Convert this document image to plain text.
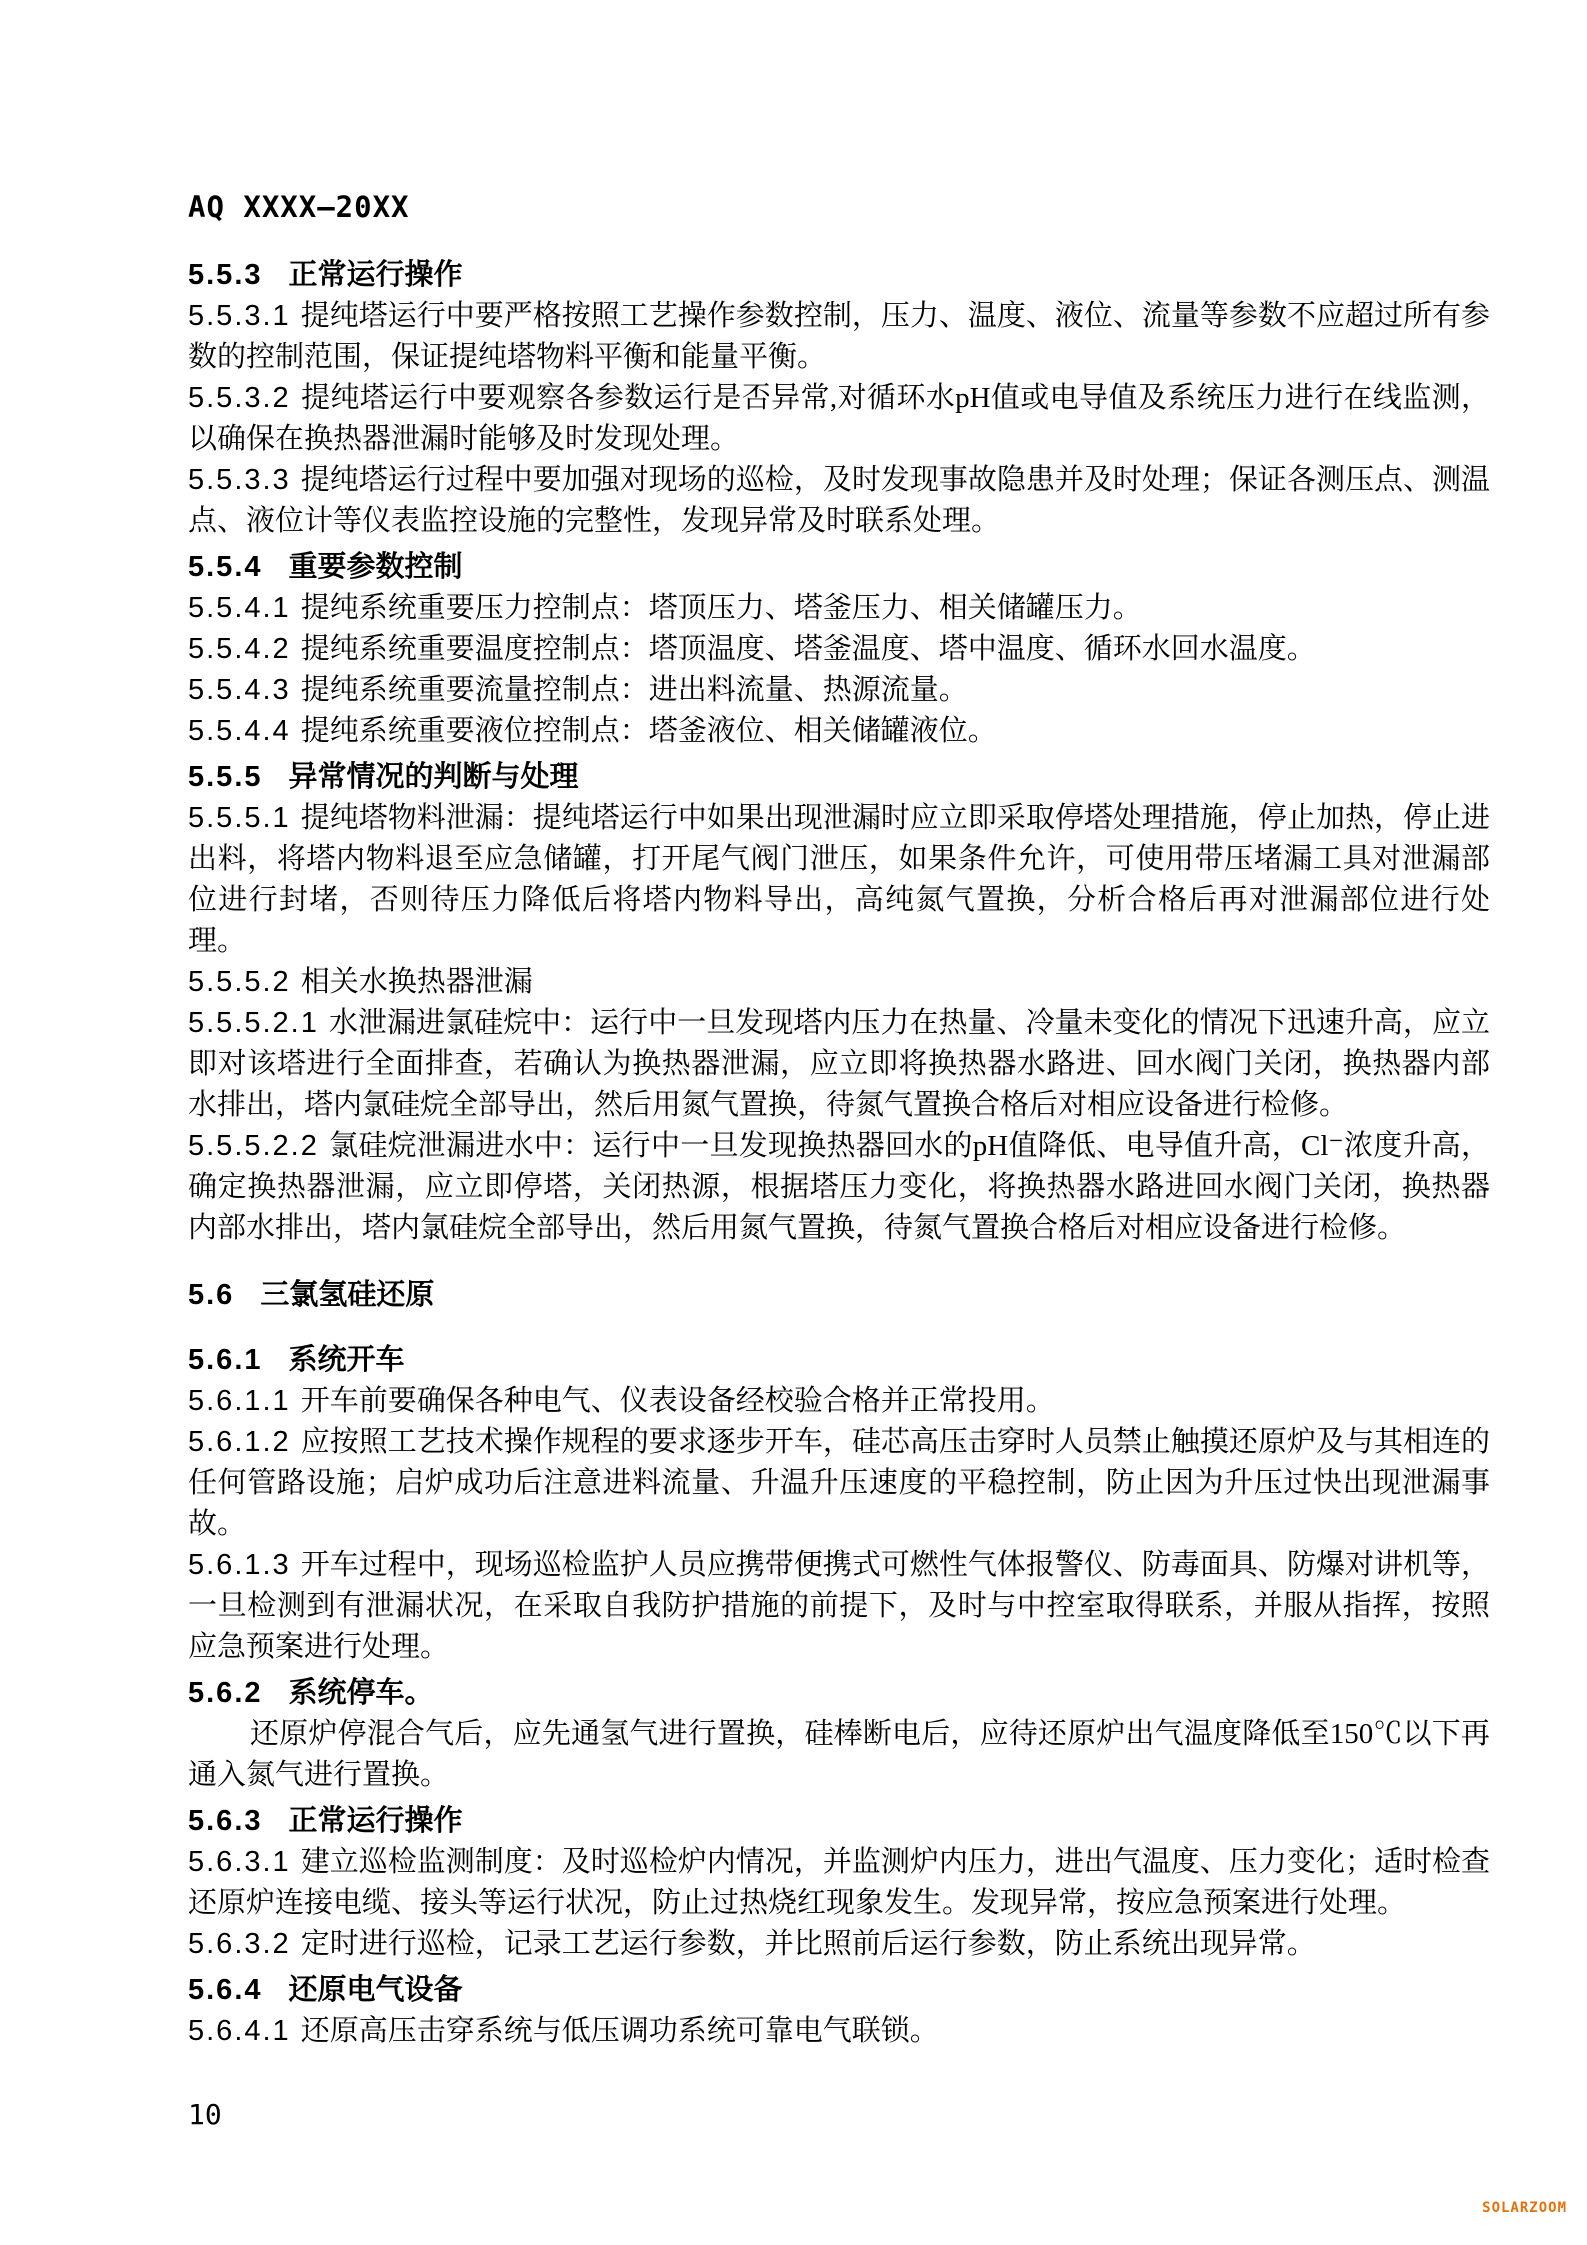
AQ XXXX—20XX
5.5.3 正常运行操作
5.5.3.1 提纯塔运行中要严格按照工艺操作参数控制，压力、温度、液位、流量等参数不应超过所有参数的控制范围，保证提纯塔物料平衡和能量平衡。
5.5.3.2 提纯塔运行中要观察各参数运行是否异常,对循环水pH值或电导值及系统压力进行在线监测，以确保在换热器泄漏时能够及时发现处理。
5.5.3.3 提纯塔运行过程中要加强对现场的巡检，及时发现事故隐患并及时处理；保证各测压点、测温点、液位计等仪表监控设施的完整性，发现异常及时联系处理。
5.5.4 重要参数控制
5.5.4.1 提纯系统重要压力控制点：塔顶压力、塔釜压力、相关储罐压力。
5.5.4.2 提纯系统重要温度控制点：塔顶温度、塔釜温度、塔中温度、循环水回水温度。
5.5.4.3 提纯系统重要流量控制点：进出料流量、热源流量。
5.5.4.4 提纯系统重要液位控制点：塔釜液位、相关储罐液位。
5.5.5 异常情况的判断与处理
5.5.5.1 提纯塔物料泄漏：提纯塔运行中如果出现泄漏时应立即采取停塔处理措施，停止加热，停止进出料，将塔内物料退至应急储罐，打开尾气阀门泄压，如果条件允许，可使用带压堵漏工具对泄漏部位进行封堵，否则待压力降低后将塔内物料导出，高纯氮气置换，分析合格后再对泄漏部位进行处理。
5.5.5.2 相关水换热器泄漏
5.5.5.2.1 水泄漏进氯硅烷中：运行中一旦发现塔内压力在热量、冷量未变化的情况下迅速升高，应立即对该塔进行全面排查，若确认为换热器泄漏，应立即将换热器水路进、回水阀门关闭，换热器内部水排出，塔内氯硅烷全部导出，然后用氮气置换，待氮气置换合格后对相应设备进行检修。
5.5.5.2.2 氯硅烷泄漏进水中：运行中一旦发现换热器回水的pH值降低、电导值升高，Cl⁻浓度升高，确定换热器泄漏，应立即停塔，关闭热源，根据塔压力变化，将换热器水路进回水阀门关闭，换热器内部水排出，塔内氯硅烷全部导出，然后用氮气置换，待氮气置换合格后对相应设备进行检修。
5.6 三氯氢硅还原
5.6.1 系统开车
5.6.1.1 开车前要确保各种电气、仪表设备经校验合格并正常投用。
5.6.1.2 应按照工艺技术操作规程的要求逐步开车，硅芯高压击穿时人员禁止触摸还原炉及与其相连的任何管路设施；启炉成功后注意进料流量、升温升压速度的平稳控制，防止因为升压过快出现泄漏事故。
5.6.1.3 开车过程中，现场巡检监护人员应携带便携式可燃性气体报警仪、防毒面具、防爆对讲机等，一旦检测到有泄漏状况，在采取自我防护措施的前提下，及时与中控室取得联系，并服从指挥，按照应急预案进行处理。
5.6.2 系统停车。
还原炉停混合气后，应先通氢气进行置换，硅棒断电后，应待还原炉出气温度降低至150℃以下再通入氮气进行置换。
5.6.3 正常运行操作
5.6.3.1 建立巡检监测制度：及时巡检炉内情况，并监测炉内压力，进出气温度、压力变化；适时检查还原炉连接电缆、接头等运行状况，防止过热烧红现象发生。发现异常，按应急预案进行处理。
5.6.3.2 定时进行巡检，记录工艺运行参数，并比照前后运行参数，防止系统出现异常。
5.6.4 还原电气设备
5.6.4.1 还原高压击穿系统与低压调功系统可靠电气联锁。
10
SOLARZOOM
